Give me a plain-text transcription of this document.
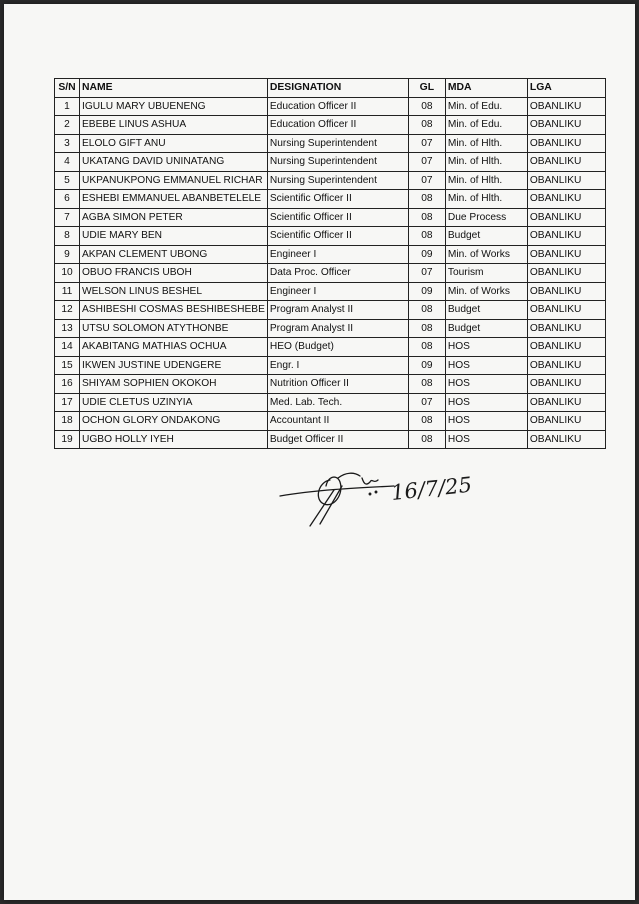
S/N	NAME	DESIGNATION	GL	MDA	LGA
1	IGULU MARY UBUENENG	Education Officer II	08	Min. of Edu.	OBANLIKU
2	EBEBE LINUS ASHUA	Education Officer II	08	Min. of Edu.	OBANLIKU
3	ELOLO GIFT ANU	Nursing Superintendent	07	Min. of Hlth.	OBANLIKU
4	UKATANG DAVID UNINATANG	Nursing Superintendent	07	Min. of Hlth.	OBANLIKU
5	UKPANUKPONG EMMANUEL RICHAR	Nursing Superintendent	07	Min. of Hlth.	OBANLIKU
6	ESHEBI EMMANUEL ABANBETELELE	Scientific Officer II	08	Min. of Hlth.	OBANLIKU
7	AGBA SIMON PETER	Scientific Officer II	08	Due Process	OBANLIKU
8	UDIE MARY BEN	Scientific Officer II	08	Budget	OBANLIKU
9	AKPAN CLEMENT UBONG	Engineer I	09	Min. of Works	OBANLIKU
10	OBUO FRANCIS UBOH	Data Proc. Officer	07	Tourism	OBANLIKU
11	WELSON LINUS BESHEL	Engineer I	09	Min. of Works	OBANLIKU
12	ASHIBESHI COSMAS BESHIBESHEBE	Program Analyst II	08	Budget	OBANLIKU
13	UTSU SOLOMON ATYTHONBE	Program Analyst II	08	Budget	OBANLIKU
14	AKABITANG MATHIAS OCHUA	HEO (Budget)	08	HOS	OBANLIKU
15	IKWEN JUSTINE UDENGERE	Engr. I	09	HOS	OBANLIKU
16	SHIYAM SOPHIEN OKOKOH	Nutrition Officer II	08	HOS	OBANLIKU
17	UDIE CLETUS UZINYIA	Med. Lab. Tech.	07	HOS	OBANLIKU
18	OCHON GLORY ONDAKONG	Accountant II	08	HOS	OBANLIKU
19	UGBO HOLLY IYEH	Budget Officer II	08	HOS	OBANLIKU
16/7/25
